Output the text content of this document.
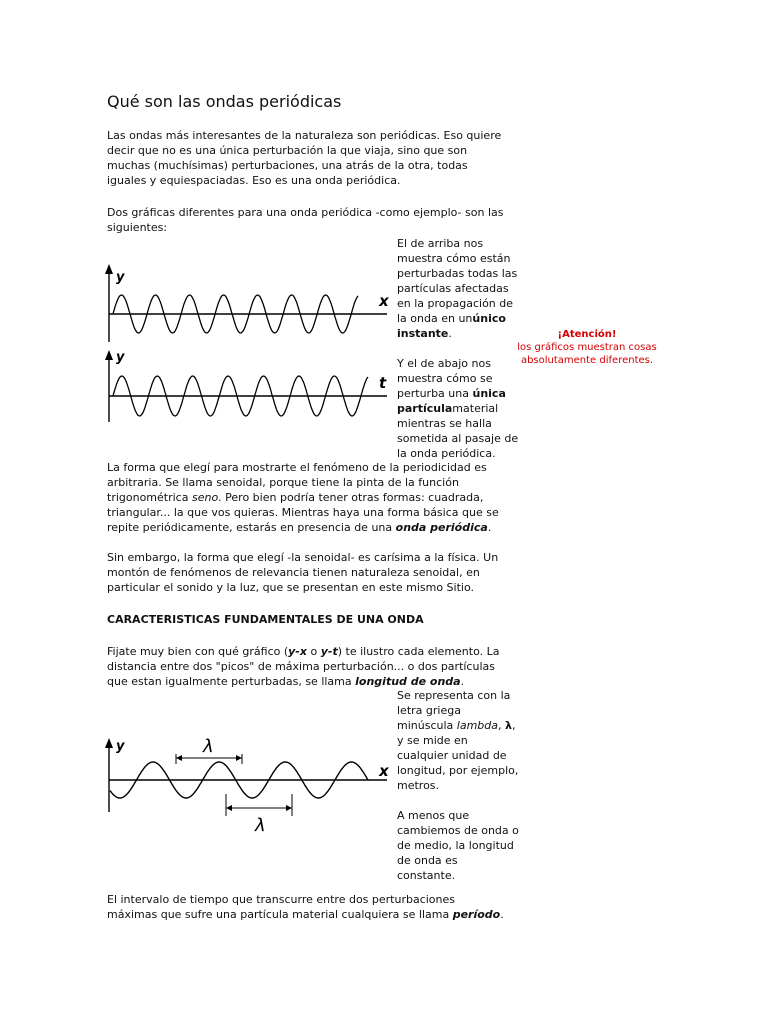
Qué son las ondas periódicas

Las ondas más interesantes de la naturaleza son periódicas. Eso quiere decir que no es una única perturbación la que viaja, sino que son muchas (muchísimas) perturbaciones, una atrás de la otra, todas iguales y equiespaciadas. Eso es una onda periódica.

Dos gráficas diferentes para una onda periódica -como ejemplo- son las siguientes:

y
x
y
t

El de arriba nos muestra cómo están perturbadas todas las partículas afectadas en la propagación de la onda en unúnico instante.	¡Atención!
los gráficos muestran cosas absolutamente diferentes.

Y el de abajo nos muestra cómo se perturba una única partículamaterial mientras se halla sometida al pasaje de la onda periódica.

La forma que elegí para mostrarte el fenómeno de la periodicidad es arbitraria. Se llama senoidal, porque tiene la pinta de la función trigonométrica seno. Pero bien podría tener otras formas: cuadrada, triangular... la que vos quieras. Mientras haya una forma básica que se repite periódicamente, estarás en presencia de una onda periódica.

Sin embargo, la forma que elegí -la senoidal- es carísima a la física. Un montón de fenómenos de relevancia tienen naturaleza senoidal, en particular el sonido y la luz, que se presentan en este mismo Sitio.

CARACTERISTICAS FUNDAMENTALES DE UNA ONDA

Fijate muy bien con qué gráfico (y-x o y-t) te ilustro cada elemento. La distancia entre dos "picos" de máxima perturbación... o dos partículas que estan igualmente perturbadas, se llama longitud de onda.

y
x
λ
λ

Se representa con la letra griega minúscula lambda, λ, y se mide en cualquier unidad de longitud, por ejemplo, metros.

A menos que cambiemos de onda o de medio, la longitud de onda es constante.

El intervalo de tiempo que transcurre entre dos perturbaciones máximas que sufre una partícula material cualquiera se llama período.
